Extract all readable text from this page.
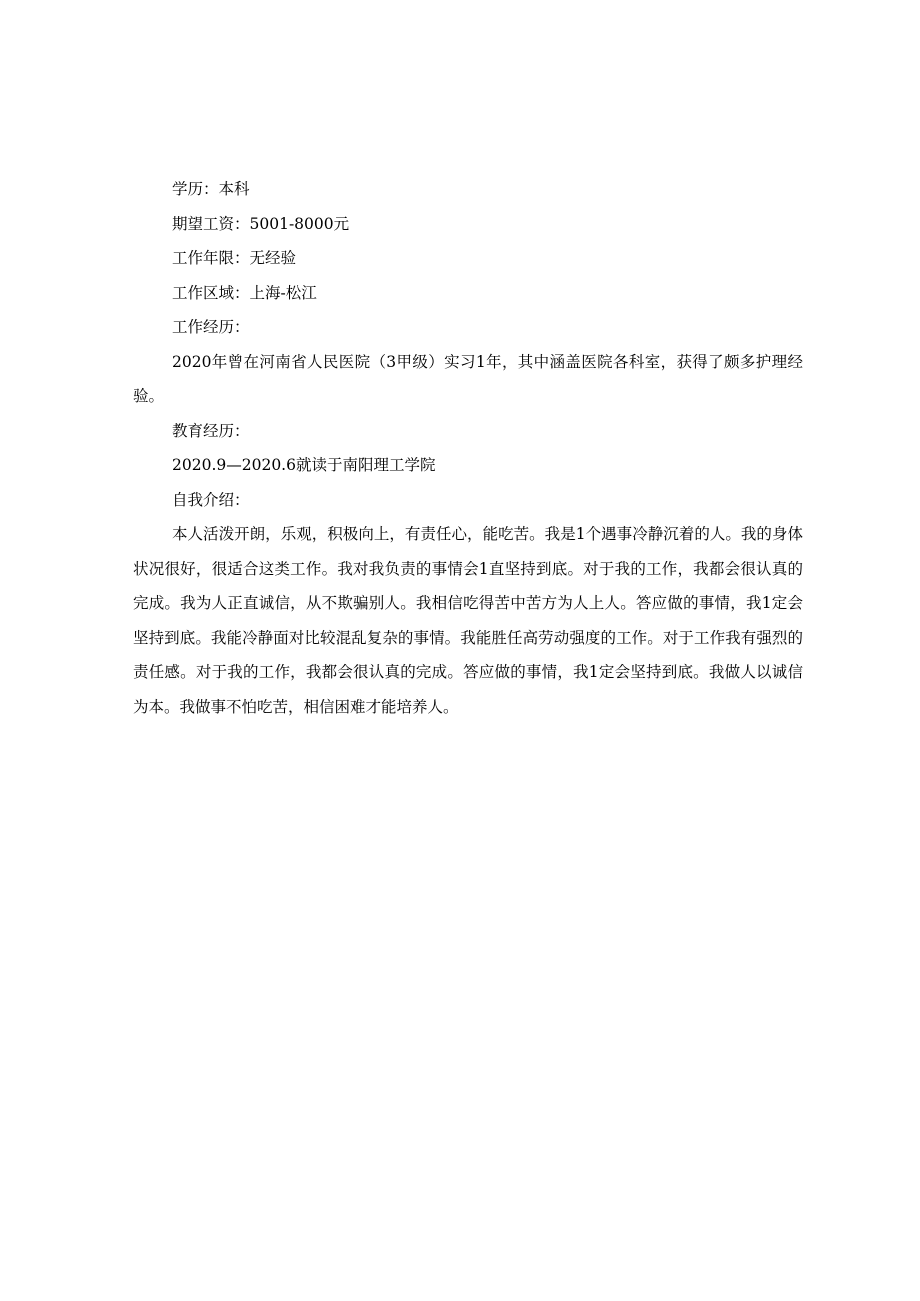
学历：本科

期望工资：5001-8000元

工作年限：无经验

工作区域：上海-松江

工作经历：

2020年曾在河南省人民医院（3甲级）实习1年，其中涵盖医院各科室，获得了颇多护理经验。

教育经历：

2020.9—2020.6就读于南阳理工学院

自我介绍：

本人活泼开朗，乐观，积极向上，有责任心，能吃苦。我是1个遇事冷静沉着的人。我的身体状况很好，很适合这类工作。我对我负责的事情会1直坚持到底。对于我的工作，我都会很认真的完成。我为人正直诚信，从不欺骗别人。我相信吃得苦中苦方为人上人。答应做的事情，我1定会坚持到底。我能冷静面对比较混乱复杂的事情。我能胜任高劳动强度的工作。对于工作我有强烈的责任感。对于我的工作，我都会很认真的完成。答应做的事情，我1定会坚持到底。我做人以诚信为本。我做事不怕吃苦，相信困难才能培养人。
